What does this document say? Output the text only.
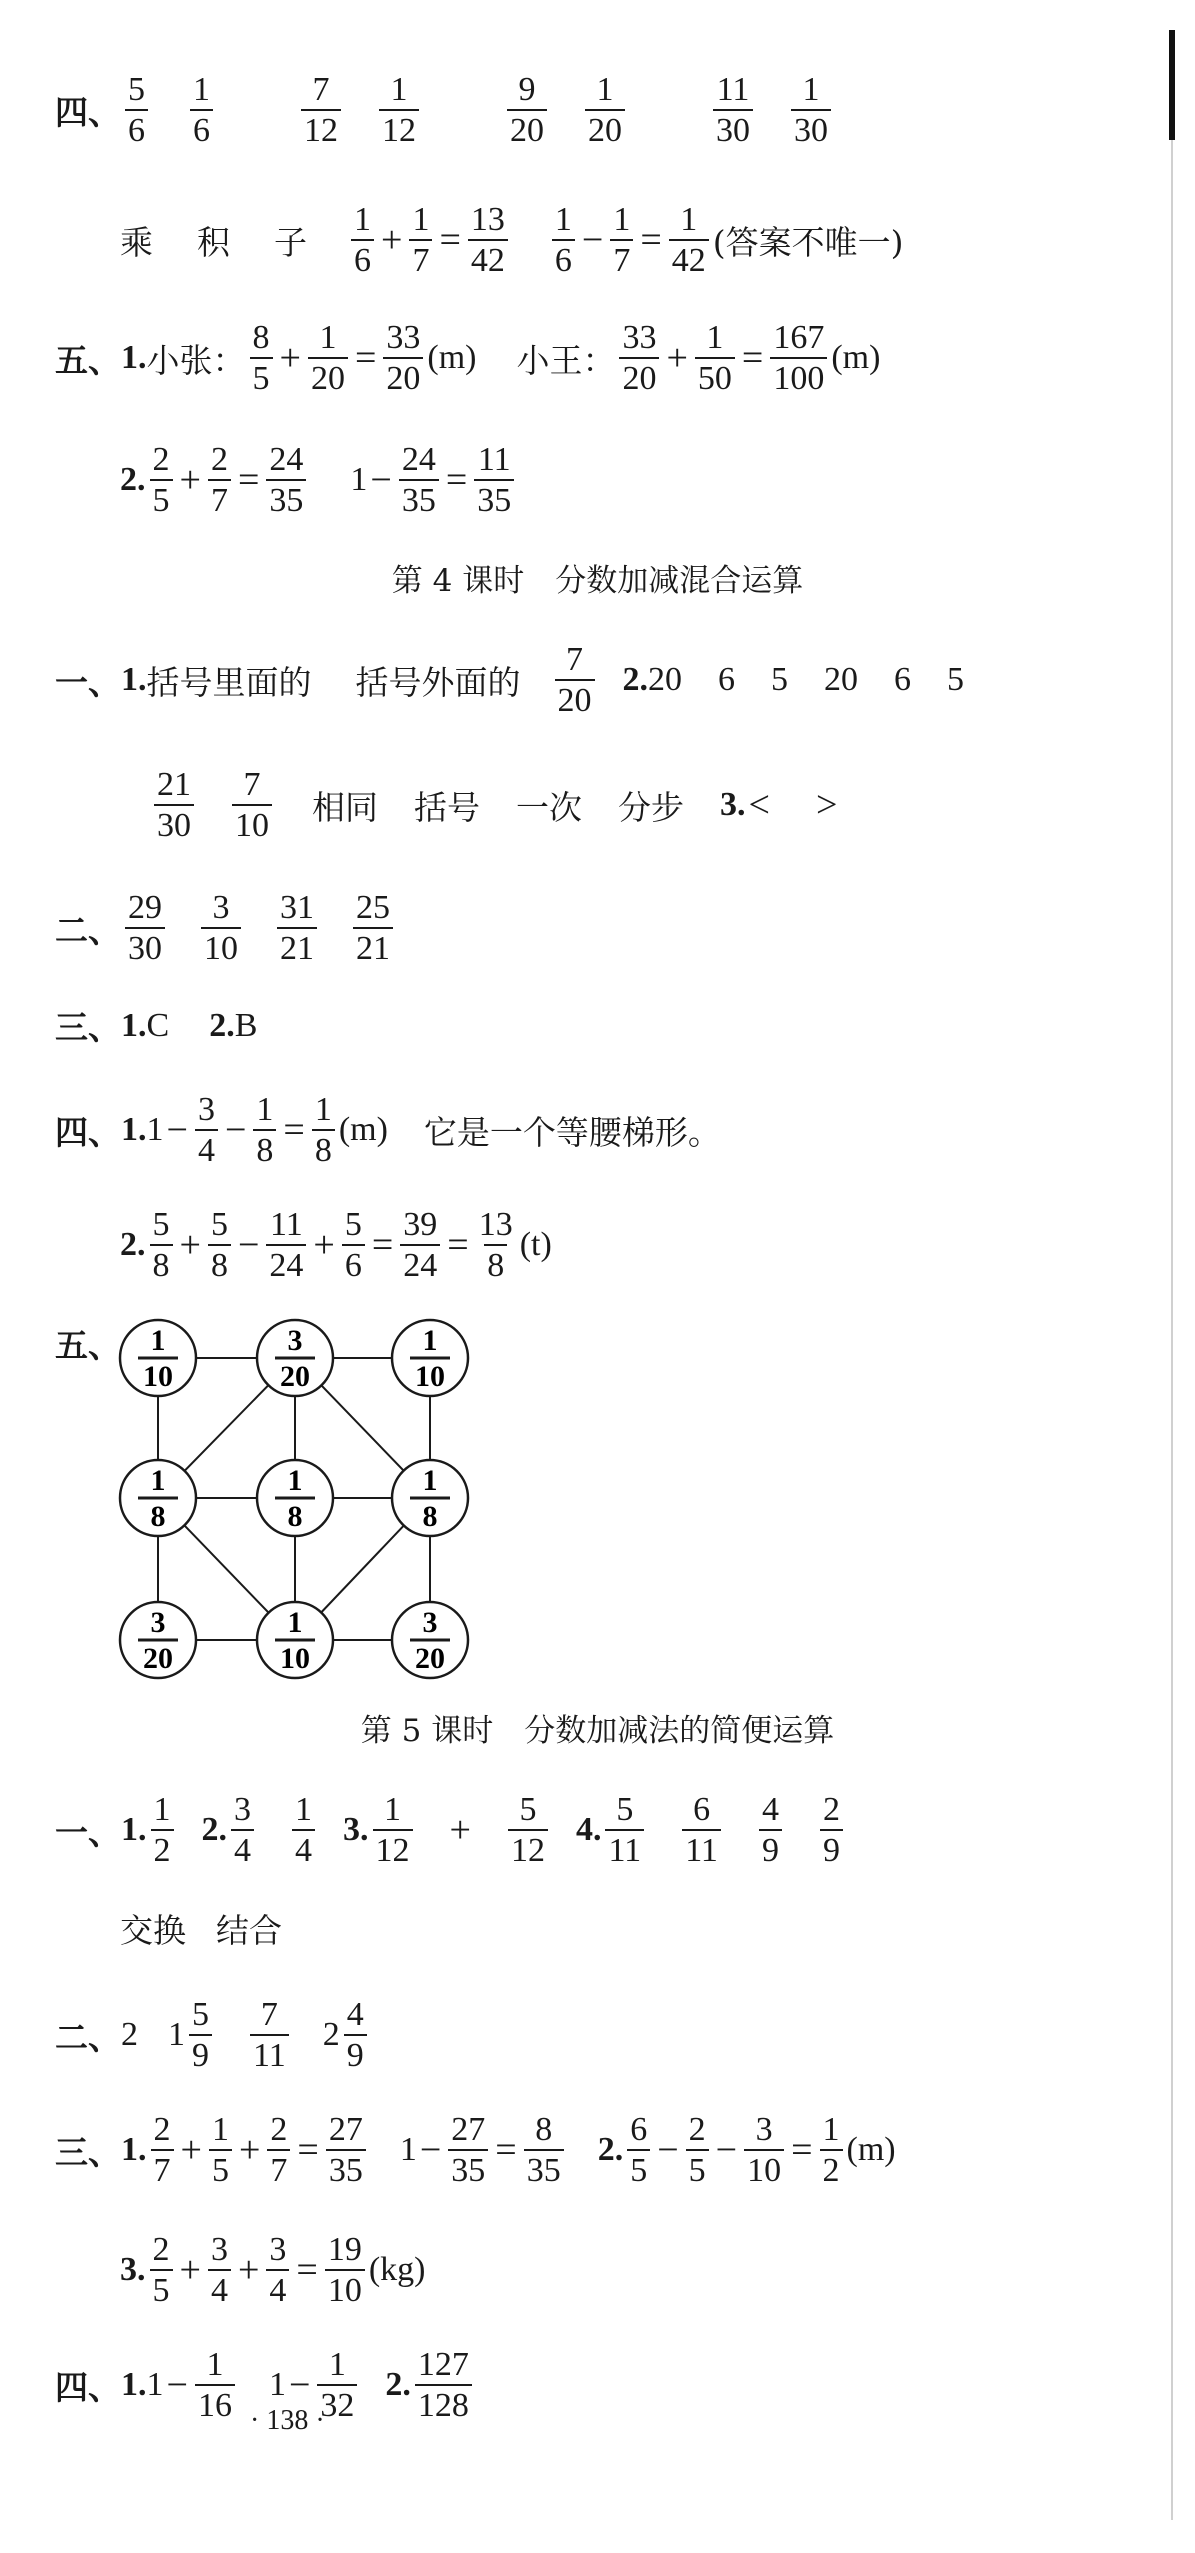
四、 $\frac{5}{6} \frac{1}{6}$	$\frac{7}{12} \frac{1}{12}$	$\frac{9}{20} \frac{1}{20}$	$\frac{11}{30} \frac{1}{30}$
乘 积 子 $\frac{1}{6} + \frac{1}{7} = \frac{13}{42} \frac{1}{6} - \frac{1}{7} = \frac{1}{42}$ (答案不唯一)
五、 1. 小张： $\frac{8}{5} + \frac{1}{20} = \frac{33}{20} (m)$ 小王： $\frac{33}{20} + \frac{1}{50} = \frac{167}{100} (m)$
2. $\frac{2}{5} + \frac{2}{7} = \frac{24}{35} 1 - \frac{24}{35} = \frac{11}{35}$
第 4 课时　分数加减混合运算
一、 1. 括号里面的 括号外面的 $\frac{7}{20} 2$. 20 6 5 20 6 5
$\frac{21}{30} \frac{7}{10}$ 相同 括号 一次 分步 3. < >
二、 $\frac{29}{30} \frac{3}{10} \frac{31}{21} \frac{25}{21}$
三、 1. C 2. B
四、 1. $1 - \frac{3}{4} - \frac{1}{8} = \frac{1}{8} (m)$ 它是一个等腰梯形。
2. $\frac{5}{8} + \frac{5}{8} - \frac{11}{24} + \frac{5}{6} = \frac{39}{24} = \frac{13}{8} (t)$
五、 1
10
3
20
1
10
1
8
1
8
1
8
3
20
1
10
3
20
第 5 课时　分数加减法的简便运算
一、 1. $\frac{1}{2} 2$. $\frac{3}{4} \frac{1}{4} 3$. $\frac{1}{12} + \frac{5}{12} 4$. $\frac{5}{11} \frac{6}{11} \frac{4}{9} \frac{2}{9}$
交换 结合
二、 2 $1 \frac{5}{9} \frac{7}{11} 2 \frac{4}{9}$
三、 1. $\frac{2}{7} + \frac{1}{5} + \frac{2}{7} = \frac{27}{35} 1 - \frac{27}{35} = \frac{8}{35} 2$. $\frac{6}{5} - \frac{2}{5} - \frac{3}{10} = \frac{1}{2} (m)$
3. $\frac{2}{5} + \frac{3}{4} + \frac{3}{4} = \frac{19}{10} (kg)$
四、 1. $1 - \frac{1}{16} 1 - \frac{1}{32} 2$. $\frac{127}{128}$
· 138 ·
